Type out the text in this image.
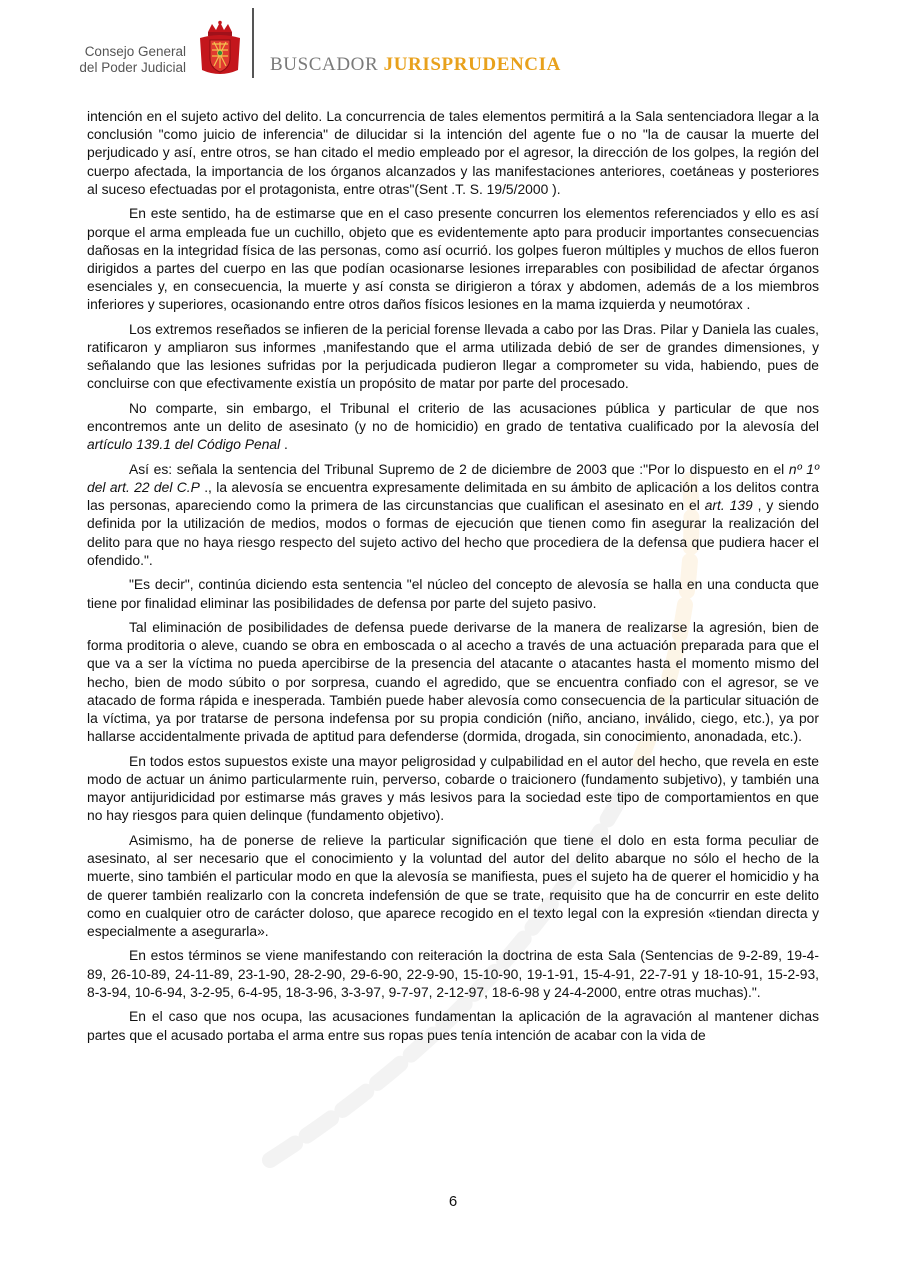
Consejo General
del Poder Judicial	BUSCADOR JURISPRUDENCIA

intención en el sujeto activo del delito. La concurrencia de tales elementos permitirá a la Sala sentenciadora llegar a la conclusión "como juicio de inferencia" de dilucidar si la intención del agente fue o no "la de causar la muerte del perjudicado y así, entre otros, se han citado el medio empleado por el agresor, la dirección de los golpes, la región del cuerpo afectada, la importancia de los órganos alcanzados y las manifestaciones anteriores, coetáneas y posteriores al suceso efectuadas por el protagonista, entre otras"(Sent .T. S. 19/5/2000 ).

En este sentido, ha de estimarse que en el caso presente concurren los elementos referenciados y ello es así porque el arma empleada fue un cuchillo, objeto que es evidentemente apto para producir importantes consecuencias dañosas en la integridad física de las personas, como así ocurrió. los golpes fueron múltiples y muchos de ellos fueron dirigidos a partes del cuerpo en las que podían ocasionarse lesiones irreparables con posibilidad de afectar órganos esenciales y, en consecuencia, la muerte y así consta se dirigieron a tórax y abdomen, además de a los miembros inferiores y superiores, ocasionando entre otros daños físicos lesiones en la mama izquierda y neumotórax .

Los extremos reseñados se infieren de la pericial forense llevada a cabo por las Dras. Pilar y Daniela las cuales, ratificaron y ampliaron sus informes ,manifestando que el arma utilizada debió de ser de grandes dimensiones, y señalando que las lesiones sufridas por la perjudicada pudieron llegar a comprometer su vida, habiendo, pues de concluirse con que efectivamente existía un propósito de matar por parte del procesado.

No comparte, sin embargo, el Tribunal el criterio de las acusaciones pública y particular de que nos encontremos ante un delito de asesinato (y no de homicidio) en grado de tentativa cualificado por la alevosía del artículo 139.1 del Código Penal .

Así es: señala la sentencia del Tribunal Supremo de 2 de diciembre de 2003 que :"Por lo dispuesto en el nº 1º del art. 22 del C.P ., la alevosía se encuentra expresamente delimitada en su ámbito de aplicación a los delitos contra las personas, apareciendo como la primera de las circunstancias que cualifican el asesinato en el art. 139 , y siendo definida por la utilización de medios, modos o formas de ejecución que tienen como fin asegurar la realización del delito para que no haya riesgo respecto del sujeto activo del hecho que procediera de la defensa que pudiera hacer el ofendido.".

"Es decir", continúa diciendo esta sentencia "el núcleo del concepto de alevosía se halla en una conducta que tiene por finalidad eliminar las posibilidades de defensa por parte del sujeto pasivo.

Tal eliminación de posibilidades de defensa puede derivarse de la manera de realizarse la agresión, bien de forma proditoria o aleve, cuando se obra en emboscada o al acecho a través de una actuación preparada para que el que va a ser la víctima no pueda apercibirse de la presencia del atacante o atacantes hasta el momento mismo del hecho, bien de modo súbito o por sorpresa, cuando el agredido, que se encuentra confiado con el agresor, se ve atacado de forma rápida e inesperada. También puede haber alevosía como consecuencia de la particular situación de la víctima, ya por tratarse de persona indefensa por su propia condición (niño, anciano, inválido, ciego, etc.), ya por hallarse accidentalmente privada de aptitud para defenderse (dormida, drogada, sin conocimiento, anonadada, etc.).

En todos estos supuestos existe una mayor peligrosidad y culpabilidad en el autor del hecho, que revela en este modo de actuar un ánimo particularmente ruin, perverso, cobarde o traicionero (fundamento subjetivo), y también una mayor antijuridicidad por estimarse más graves y más lesivos para la sociedad este tipo de comportamientos en que no hay riesgos para quien delinque (fundamento objetivo).

Asimismo, ha de ponerse de relieve la particular significación que tiene el dolo en esta forma peculiar de asesinato, al ser necesario que el conocimiento y la voluntad del autor del delito abarque no sólo el hecho de la muerte, sino también el particular modo en que la alevosía se manifiesta, pues el sujeto ha de querer el homicidio y ha de querer también realizarlo con la concreta indefensión de que se trate, requisito que ha de concurrir en este delito como en cualquier otro de carácter doloso, que aparece recogido en el texto legal con la expresión «tiendan directa y especialmente a asegurarla».

En estos términos se viene manifestando con reiteración la doctrina de esta Sala (Sentencias de 9-2-89, 19-4-89, 26-10-89, 24-11-89, 23-1-90, 28-2-90, 29-6-90, 22-9-90, 15-10-90, 19-1-91, 15-4-91, 22-7-91 y 18-10-91, 15-2-93, 8-3-94, 10-6-94, 3-2-95, 6-4-95, 18-3-96, 3-3-97, 9-7-97, 2-12-97, 18-6-98 y 24-4-2000, entre otras muchas).".

En el caso que nos ocupa, las acusaciones fundamentan la aplicación de la agravación al mantener dichas partes que el acusado portaba el arma entre sus ropas pues tenía intención de acabar con la vida de

6
